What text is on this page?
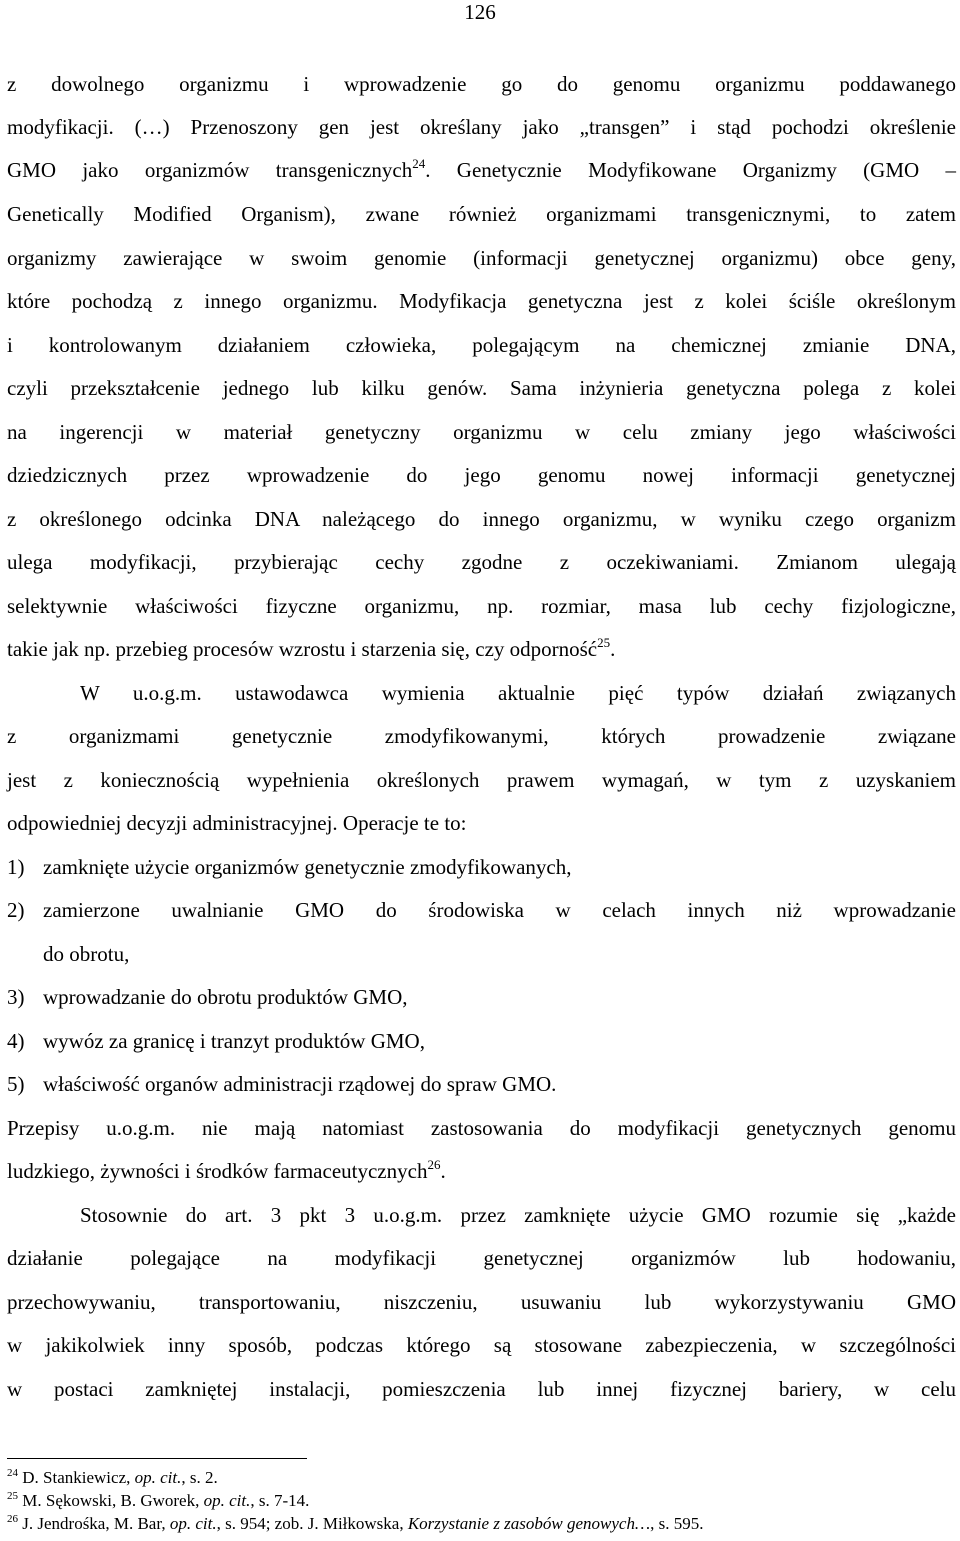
126
z dowolnego organizmu i wprowadzenie go do genomu organizmu poddawanego
modyfikacji. (…) Przenoszony gen jest określany jako „transgen” i stąd pochodzi określenie
GMO jako organizmów transgenicznych$^{24}$. Genetycznie Modyfikowane Organizmy (GMO –
Genetically Modified Organism), zwane również organizmami transgenicznymi, to zatem
organizmy zawierające w swoim genomie (informacji genetycznej organizmu) obce geny,
które pochodzą z innego organizmu. Modyfikacja genetyczna jest z kolei ściśle określonym
i kontrolowanym działaniem człowieka, polegającym na chemicznej zmianie DNA,
czyli przekształcenie jednego lub kilku genów. Sama inżynieria genetyczna polega z kolei
na ingerencji w materiał genetyczny organizmu w celu zmiany jego właściwości
dziedzicznych przez wprowadzenie do jego genomu nowej informacji genetycznej
z określonego odcinka DNA należącego do innego organizmu, w wyniku czego organizm
ulega modyfikacji, przybierając cechy zgodne z oczekiwaniami. Zmianom ulegają
selektywnie właściwości fizyczne organizmu, np. rozmiar, masa lub cechy fizjologiczne,
takie jak np. przebieg procesów wzrostu i starzenia się, czy odporność$^{25}$.
W u.o.g.m. ustawodawca wymienia aktualnie pięć typów działań związanych
z organizmami genetycznie zmodyfikowanymi, których prowadzenie związane
jest z koniecznością wypełnienia określonych prawem wymagań, w tym z uzyskaniem
odpowiedniej decyzji administracyjnej. Operacje te to:
1) zamknięte użycie organizmów genetycznie zmodyfikowanych,
2) zamierzone uwalnianie GMO do środowiska w celach innych niż wprowadzanie
do obrotu,
3) wprowadzanie do obrotu produktów GMO,
4) wywóz za granicę i tranzyt produktów GMO,
5) właściwość organów administracji rządowej do spraw GMO.
Przepisy u.o.g.m. nie mają natomiast zastosowania do modyfikacji genetycznych genomu
ludzkiego, żywności i środków farmaceutycznych$^{26}$.
Stosownie do art. 3 pkt 3 u.o.g.m. przez zamknięte użycie GMO rozumie się „każde
działanie polegające na modyfikacji genetycznej organizmów lub hodowaniu,
przechowywaniu, transportowaniu, niszczeniu, usuwaniu lub wykorzystywaniu GMO
w jakikolwiek inny sposób, podczas którego są stosowane zabezpieczenia, w szczególności
w postaci zamkniętej instalacji, pomieszczenia lub innej fizycznej bariery, w celu
$^{24}$ D. Stankiewicz, op. cit., s. 2.
$^{25}$ M. Sękowski, B. Gworek, op. cit., s. 7-14.
$^{26}$ J. Jendrośka, M. Bar, op. cit., s. 954; zob. J. Miłkowska, Korzystanie z zasobów genowych…, s. 595.
